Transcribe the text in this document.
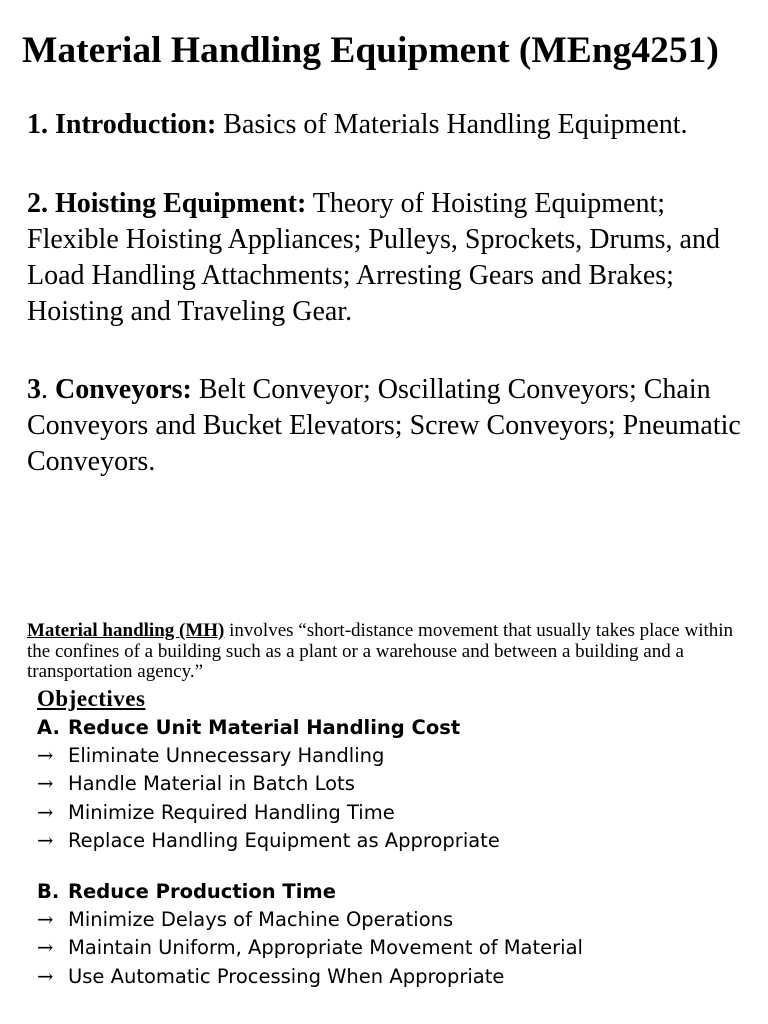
Material Handling Equipment (MEng4251)
1. Introduction: Basics of Materials Handling Equipment.
2. Hoisting Equipment: Theory of Hoisting Equipment; Flexible Hoisting Appliances; Pulleys, Sprockets, Drums, and Load Handling Attachments; Arresting Gears and Brakes; Hoisting and Traveling Gear.
3. Conveyors: Belt Conveyor; Oscillating Conveyors; Chain Conveyors and Bucket Elevators; Screw Conveyors; Pneumatic Conveyors.
Material handling (MH) involves “short-distance movement that usually takes place within the confines of a building such as a plant or a warehouse and between a building and a transportation agency.”
Objectives
A. Reduce Unit Material Handling Cost
→ Eliminate Unnecessary Handling
→ Handle Material in Batch Lots
→ Minimize Required Handling Time
→ Replace Handling Equipment as Appropriate
B. Reduce Production Time
→ Minimize Delays of Machine Operations
→ Maintain Uniform, Appropriate Movement of Material
→ Use Automatic Processing When Appropriate
